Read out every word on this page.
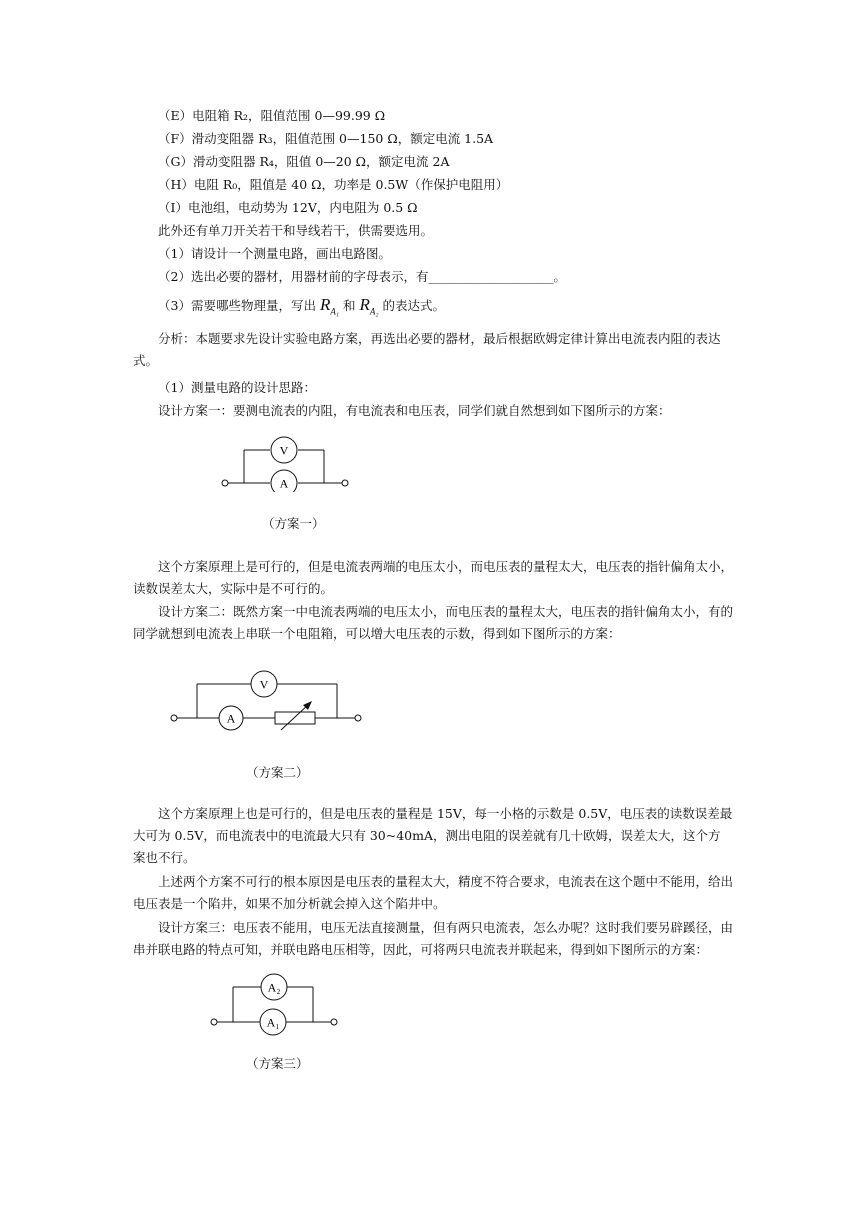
（E）电阻箱 R₂，阻值范围 0—99.99 Ω
（F）滑动变阻器 R₃，阻值范围 0—150 Ω，额定电流 1.5A
（G）滑动变阻器 R₄，阻值 0—20 Ω，额定电流 2A
（H）电阻 R₀，阻值是 40 Ω，功率是 0.5W（作保护电阻用）
（I）电池组，电动势为 12V，内电阻为 0.5 Ω
此外还有单刀开关若干和导线若干，供需要选用。
（1）请设计一个测量电路，画出电路图。
（2）选出必要的器材，用器材前的字母表示，有____________________。
（3）需要哪些物理量，写出 $R_{A_1}$ 和 $R_{A_2}$ 的表达式。
分析：本题要求先设计实验电路方案，再选出必要的器材，最后根据欧姆定律计算出电流表内阻的表达式。
（1）测量电路的设计思路：
设计方案一：要测电流表的内阻，有电流表和电压表，同学们就自然想到如下图所示的方案：
V
A
（方案一）
这个方案原理上是可行的，但是电流表两端的电压太小，而电压表的量程太大，电压表的指针偏角太小，读数误差太大，实际中是不可行的。
设计方案二：既然方案一中电流表两端的电压太小，而电压表的量程太大，电压表的指针偏角太小，有的同学就想到电流表上串联一个电阻箱，可以增大电压表的示数，得到如下图所示的方案：
V
A
（方案二）
这个方案原理上也是可行的，但是电压表的量程是 15V，每一小格的示数是 0.5V，电压表的读数误差最大可为 0.5V，而电流表中的电流最大只有 30~40mA，测出电阻的误差就有几十欧姆，误差太大，这个方案也不行。
上述两个方案不可行的根本原因是电压表的量程太大，精度不符合要求，电流表在这个题中不能用，给出电压表是一个陷井，如果不加分析就会掉入这个陷井中。
设计方案三：电压表不能用，电压无法直接测量，但有两只电流表，怎么办呢？这时我们要另辟蹊径，由串并联电路的特点可知，并联电路电压相等，因此，可将两只电流表并联起来，得到如下图所示的方案：
A₂
A₁
（方案三）
